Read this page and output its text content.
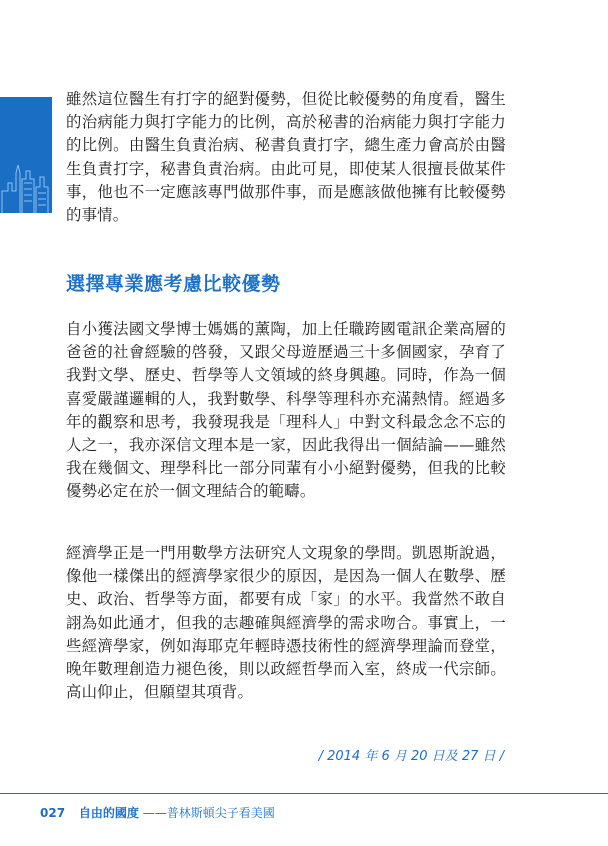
雖然這位醫生有打字的絕對優勢，但從比較優勢的角度看，醫生的治病能力與打字能力的比例，高於秘書的治病能力與打字能力的比例。由醫生負責治病、秘書負責打字，總生產力會高於由醫生負責打字，秘書負責治病。由此可見，即使某人很擅長做某件事，他也不一定應該專門做那件事，而是應該做他擁有比較優勢的事情。

選擇專業應考慮比較優勢

自小獲法國文學博士媽媽的薰陶，加上任職跨國電訊企業高層的爸爸的社會經驗的啓發，又跟父母遊歷過三十多個國家，孕育了我對文學、歷史、哲學等人文領域的終身興趣。同時，作為一個喜愛嚴謹邏輯的人，我對數學、科學等理科亦充滿熱情。經過多年的觀察和思考，我發現我是「理科人」中對文科最念念不忘的人之一，我亦深信文理本是一家，因此我得出一個結論——雖然我在幾個文、理學科比一部分同輩有小小絕對優勢，但我的比較優勢必定在於一個文理結合的範疇。

經濟學正是一門用數學方法研究人文現象的學問。凱恩斯說過，像他一樣傑出的經濟學家很少的原因，是因為一個人在數學、歷史、政治、哲學等方面，都要有成「家」的水平。我當然不敢自詡為如此通才，但我的志趣確與經濟學的需求吻合。事實上，一些經濟學家，例如海耶克年輕時憑技術性的經濟學理論而登堂，晚年數理創造力褪色後，則以政經哲學而入室，終成一代宗師。高山仰止，但願望其項背。

/ 2014 年 6 月 20 日及 27 日 /

027 自由的國度 ——普林斯頓尖子看美國
